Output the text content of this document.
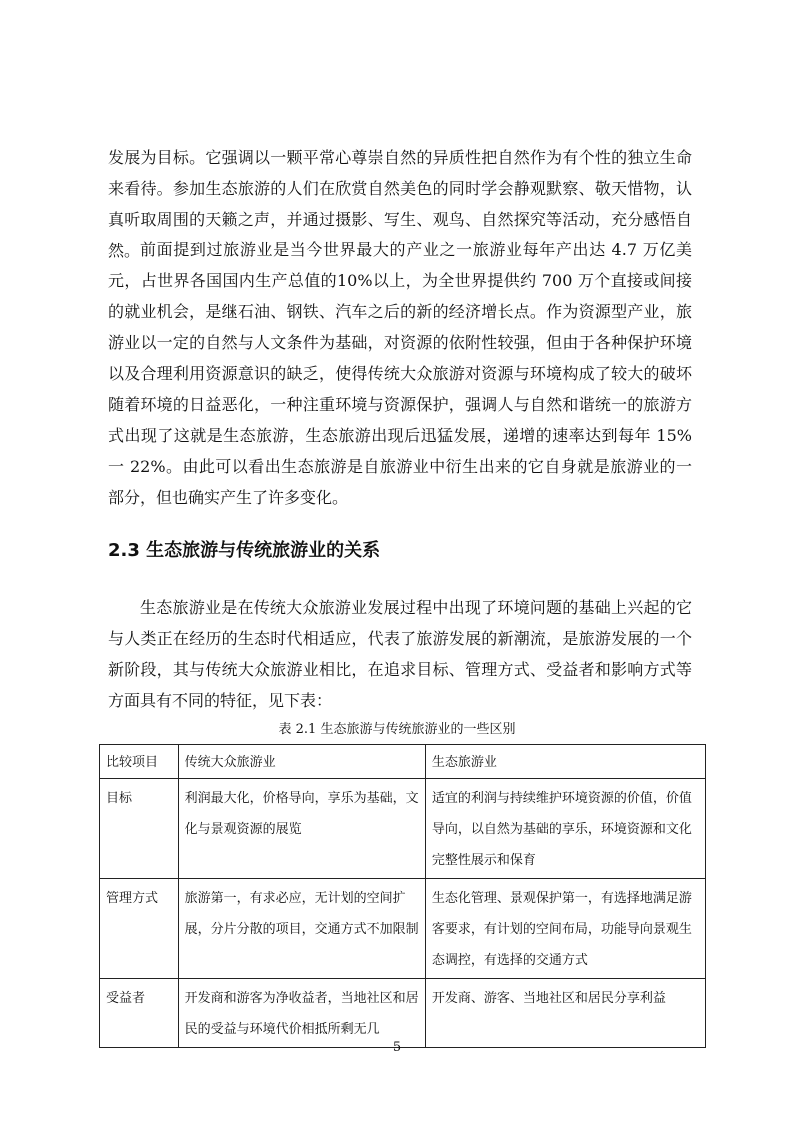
发展为目标。它强调以一颗平常心尊崇自然的异质性把自然作为有个性的独立生命来看待。参加生态旅游的人们在欣赏自然美色的同时学会静观默察、敬天惜物，认真听取周围的天籁之声，并通过摄影、写生、观鸟、自然探究等活动，充分感悟自然。 前面提到过旅游业是当今世界最大的产业之一旅游业每年产出达 4.7 万亿美元，占世界各国国内生产总值的10%以上，为全世界提供约 700 万个直接或间接的就业机会，是继石油、钢铁、汽车之后的新的经济增长点。作为资源型产业，旅游业以一定的自然与人文条件为基础，对资源的依附性较强，但由于各种保护环境以及合理利用资源意识的缺乏，使得传统大众旅游对资源与环境构成了较大的破坏随着环境的日益恶化，一种注重环境与资源保护，强调人与自然和谐统一的旅游方式出现了这就是生态旅游，生态旅游出现后迅猛发展，递增的速率达到每年 15%一 22%。由此可以看出生态旅游是自旅游业中衍生出来的它自身就是旅游业的一部分，但也确实产生了许多变化。

2.3 生态旅游与传统旅游业的关系

生态旅游业是在传统大众旅游业发展过程中出现了环境问题的基础上兴起的它与人类正在经历的生态时代相适应，代表了旅游发展的新潮流，是旅游发展的一个新阶段，其与传统大众旅游业相比，在追求目标、管理方式、受益者和影响方式等方面具有不同的特征，见下表：

表 2.1 生态旅游与传统旅游业的一些区别

比较项目	传统大众旅游业	生态旅游业
目标	利润最大化，价格导向，享乐为基础，文化与景观资源的展览	适宜的利润与持续维护环境资源的价值，价值导向，以自然为基础的享乐，环境资源和文化完整性展示和保育
管理方式	旅游第一，有求必应，无计划的空间扩展，分片分散的项目，交通方式不加限制	生态化管理、景观保护第一，有选择地满足游客要求，有计划的空间布局，功能导向景观生态调控，有选择的交通方式
受益者	开发商和游客为净收益者，当地社区和居民的受益与环境代价相抵所剩无几	开发商、游客、当地社区和居民分享利益

5
